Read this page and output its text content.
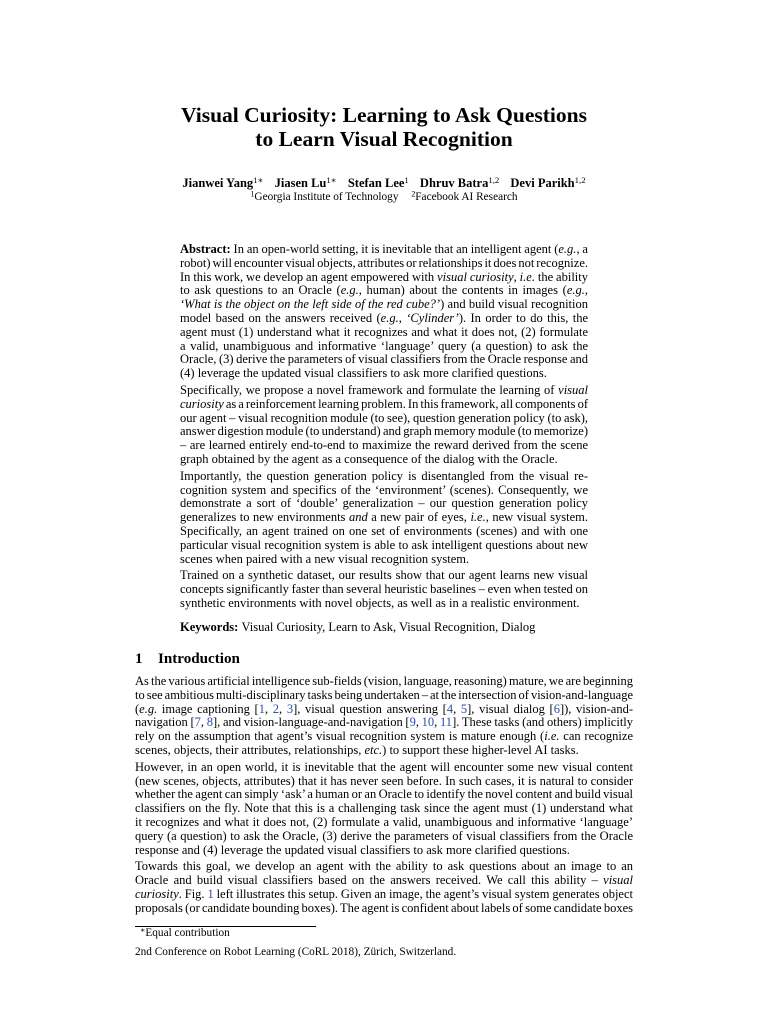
Visual Curiosity: Learning to Ask Questions
to Learn Visual Recognition
Jianwei Yang$^{1∗}$ Jiasen $Lu^{1∗}$ Stefan Lee$^1$ Dhruv Batra$^{1,2}$ Devi Parikh$^{1,2}$
$^1$Georgia Institute of Technology $^2$Facebook AI Research
Abstract: In an open-world setting, it is inevitable that an intelligent agent (e.g., a
robot) will encounter visual objects, attributes or relationships it does not recognize.
In this work, we develop an agent empowered with visual curiosity, i.e. the ability
to ask questions to an Oracle (e.g., human) about the contents in images (e.g.,
‘What is the object on the left side of the red cube?’) and build visual recognition
model based on the answers received (e.g., ‘Cylinder’). In order to do this, the
agent must (1) understand what it recognizes and what it does not, (2) formulate
a valid, unambiguous and informative ‘language’ query (a question) to ask the
Oracle, (3) derive the parameters of visual classifiers from the Oracle response and
(4) leverage the updated visual classifiers to ask more clarified questions.
Specifically, we propose a novel framework and formulate the learning of visual
curiosity as a reinforcement learning problem. In this framework, all components of
our agent – visual recognition module (to see), question generation policy (to ask),
answer digestion module (to understand) and graph memory module (to memorize)
– are learned entirely end-to-end to maximize the reward derived from the scene
graph obtained by the agent as a consequence of the dialog with the Oracle.
Importantly, the question generation policy is disentangled from the visual re-
cognition system and specifics of the ‘environment’ (scenes). Consequently, we
demonstrate a sort of ‘double’ generalization – our question generation policy
generalizes to new environments and a new pair of eyes, i.e., new visual system.
Specifically, an agent trained on one set of environments (scenes) and with one
particular visual recognition system is able to ask intelligent questions about new
scenes when paired with a new visual recognition system.
Trained on a synthetic dataset, our results show that our agent learns new visual
concepts significantly faster than several heuristic baselines – even when tested on
synthetic environments with novel objects, as well as in a realistic environment.
Keywords: Visual Curiosity, Learn to Ask, Visual Recognition, Dialog
1 Introduction
As the various artificial intelligence sub-fields (vision, language, reasoning) mature, we are beginning
to see ambitious multi-disciplinary tasks being undertaken – at the intersection of vision-and-language
(e.g. image captioning [1, 2, 3], visual question answering [4, 5], visual dialog [6]), vision-and-
navigation [7, 8], and vision-language-and-navigation [9, 10, 11]. These tasks (and others) implicitly
rely on the assumption that agent’s visual recognition system is mature enough (i.e. can recognize
scenes, objects, their attributes, relationships, etc.) to support these higher-level AI tasks.
However, in an open world, it is inevitable that the agent will encounter some new visual content
(new scenes, objects, attributes) that it has never seen before. In such cases, it is natural to consider
whether the agent can simply ‘ask’ a human or an Oracle to identify the novel content and build visual
classifiers on the fly. Note that this is a challenging task since the agent must (1) understand what
it recognizes and what it does not, (2) formulate a valid, unambiguous and informative ‘language’
query (a question) to ask the Oracle, (3) derive the parameters of visual classifiers from the Oracle
response and (4) leverage the updated visual classifiers to ask more clarified questions.
Towards this goal, we develop an agent with the ability to ask questions about an image to an
Oracle and build visual classifiers based on the answers received. We call this ability – visual
curiosity. Fig. 1 left illustrates this setup. Given an image, the agent’s visual system generates object
proposals (or candidate bounding boxes). The agent is confident about labels of some candidate boxes
∗Equal contribution
2nd Conference on Robot Learning (CoRL 2018), Zürich, Switzerland.
